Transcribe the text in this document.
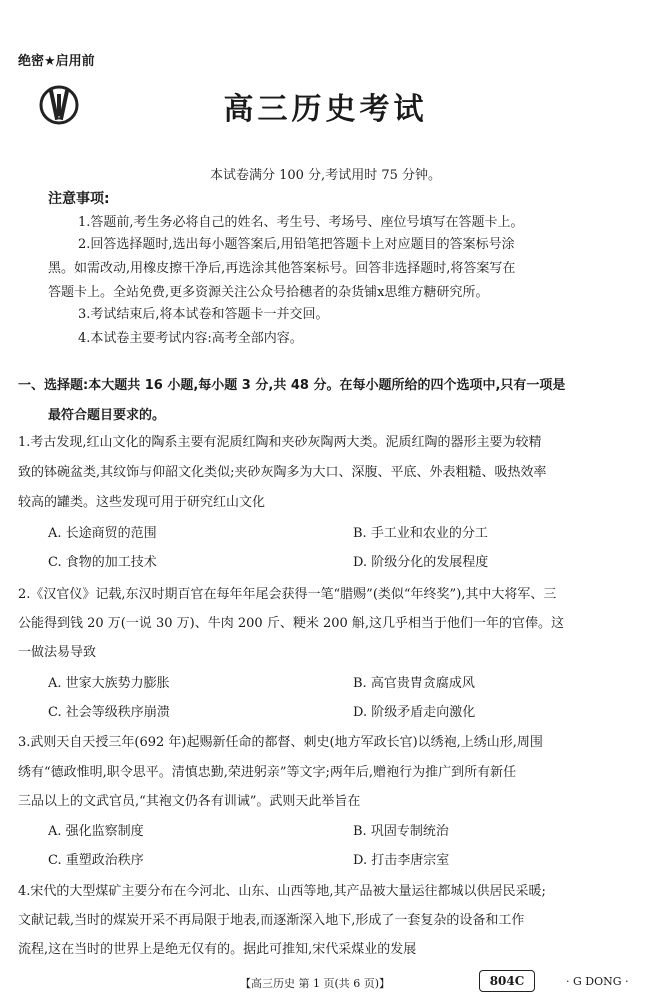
绝密★启用前
高三历史考试
本试卷满分 100 分,考试用时 75 分钟。
注意事项:
1.答题前,考生务必将自己的姓名、考生号、考场号、座位号填写在答题卡上。
2.回答选择题时,选出每小题答案后,用铅笔把答题卡上对应题目的答案标号涂
黑。如需改动,用橡皮擦干净后,再选涂其他答案标号。回答非选择题时,将答案写在
答题卡上。全站免费,更多资源关注公众号拾穗者的杂货铺x思维方糖研究所。
3.考试结束后,将本试卷和答题卡一并交回。
4.本试卷主要考试内容:高考全部内容。
一、选择题:本大题共 16 小题,每小题 3 分,共 48 分。在每小题所给的四个选项中,只有一项是
最符合题目要求的。
1.考古发现,红山文化的陶系主要有泥质红陶和夹砂灰陶两大类。泥质红陶的器形主要为较精
致的钵碗盆类,其纹饰与仰韶文化类似;夹砂灰陶多为大口、深腹、平底、外表粗糙、吸热效率
较高的罐类。这些发现可用于研究红山文化
A. 长途商贸的范围	B. 手工业和农业的分工
C. 食物的加工技术	D. 阶级分化的发展程度
2.《汉官仪》记载,东汉时期百官在每年年尾会获得一笔“腊赐”(类似“年终奖”),其中大将军、三
公能得到钱 20 万(一说 30 万)、牛肉 200 斤、粳米 200 斛,这几乎相当于他们一年的官俸。这
一做法易导致
A. 世家大族势力膨胀	B. 高官贵胄贪腐成风
C. 社会等级秩序崩溃	D. 阶级矛盾走向激化
3.武则天自天授三年(692 年)起赐新任命的都督、刺史(地方军政长官)以绣袍,上绣山形,周围
绣有“德政惟明,职令思平。清慎忠勤,荣进躬亲”等文字;两年后,赠袍行为推广到所有新任
三品以上的文武官员,“其袍文仍各有训诫”。武则天此举旨在
A. 强化监察制度	B. 巩固专制统治
C. 重塑政治秩序	D. 打击李唐宗室
4.宋代的大型煤矿主要分布在今河北、山东、山西等地,其产品被大量运往都城以供居民采暖;
文献记载,当时的煤炭开采不再局限于地表,而逐渐深入地下,形成了一套复杂的设备和工作
流程,这在当时的世界上是绝无仅有的。据此可推知,宋代采煤业的发展
【高三历史 第 1 页(共 6 页)】	804C	· G DONG ·
